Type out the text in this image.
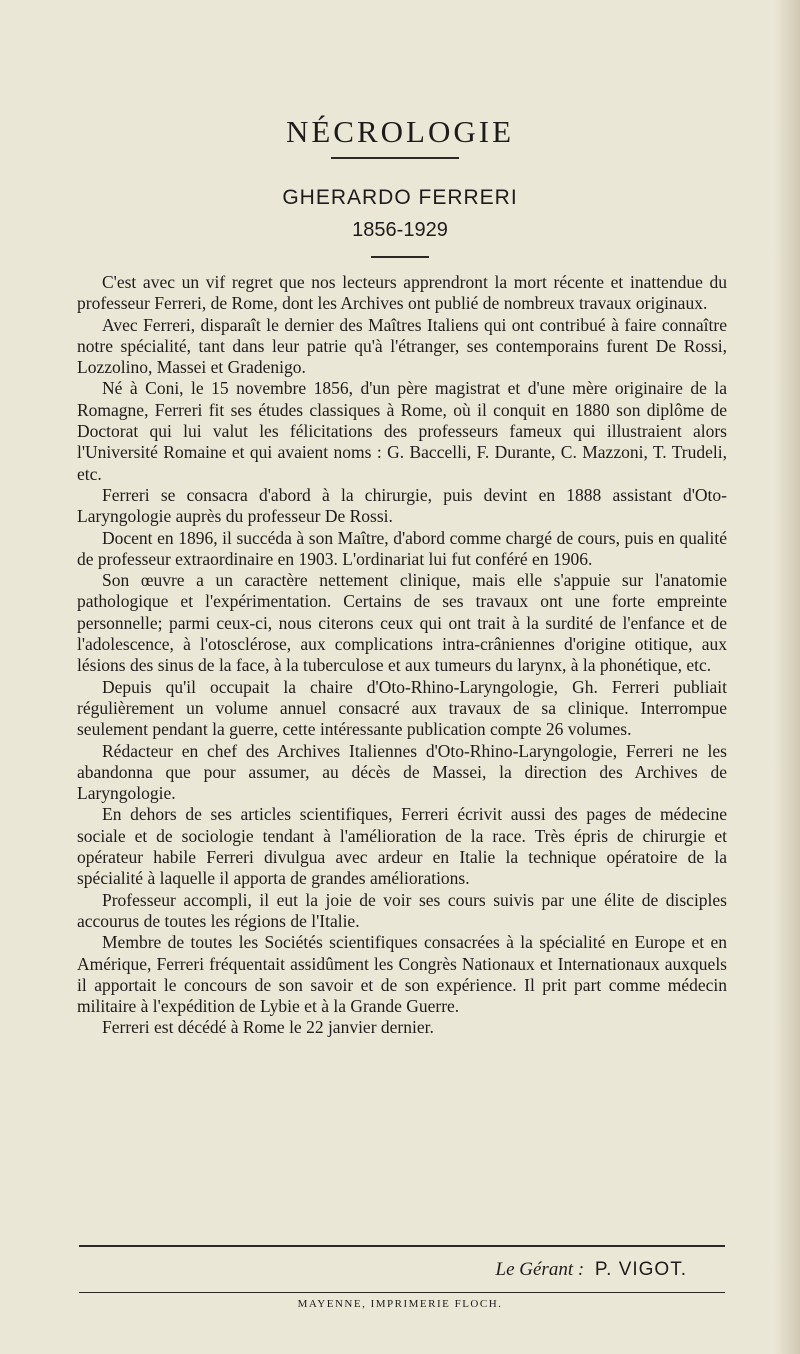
NÉCROLOGIE
GHERARDO FERRERI
1856-1929

C'est avec un vif regret que nos lecteurs apprendront la mort récente et inattendue du professeur Ferreri, de Rome, dont les Archives ont publié de nombreux travaux originaux.

Avec Ferreri, disparaît le dernier des Maîtres Italiens qui ont contribué à faire connaître notre spécialité, tant dans leur patrie qu'à l'étranger, ses contemporains furent De Rossi, Lozzolino, Massei et Gradenigo.

Né à Coni, le 15 novembre 1856, d'un père magistrat et d'une mère originaire de la Romagne, Ferreri fit ses études classiques à Rome, où il conquit en 1880 son diplôme de Doctorat qui lui valut les félicitations des professeurs fameux qui illustraient alors l'Université Romaine et qui avaient noms : G. Baccelli, F. Durante, C. Mazzoni, T. Trudeli, etc.

Ferreri se consacra d'abord à la chirurgie, puis devint en 1888 assistant d'Oto-Laryngologie auprès du professeur De Rossi.

Docent en 1896, il succéda à son Maître, d'abord comme chargé de cours, puis en qualité de professeur extraordinaire en 1903. L'ordinariat lui fut conféré en 1906.

Son œuvre a un caractère nettement clinique, mais elle s'appuie sur l'anatomie pathologique et l'expérimentation. Certains de ses travaux ont une forte empreinte personnelle; parmi ceux-ci, nous citerons ceux qui ont trait à la surdité de l'enfance et de l'adolescence, à l'otosclérose, aux complications intra-crâniennes d'origine otitique, aux lésions des sinus de la face, à la tuberculose et aux tumeurs du larynx, à la phonétique, etc.

Depuis qu'il occupait la chaire d'Oto-Rhino-Laryngologie, Gh. Ferreri publiait régulièrement un volume annuel consacré aux travaux de sa clinique. Interrompue seulement pendant la guerre, cette intéressante publication compte 26 volumes.

Rédacteur en chef des Archives Italiennes d'Oto-Rhino-Laryngologie, Ferreri ne les abandonna que pour assumer, au décès de Massei, la direction des Archives de Laryngologie.

En dehors de ses articles scientifiques, Ferreri écrivit aussi des pages de médecine sociale et de sociologie tendant à l'amélioration de la race. Très épris de chirurgie et opérateur habile Ferreri divulgua avec ardeur en Italie la technique opératoire de la spécialité à laquelle il apporta de grandes améliorations.

Professeur accompli, il eut la joie de voir ses cours suivis par une élite de disciples accourus de toutes les régions de l'Italie.

Membre de toutes les Sociétés scientifiques consacrées à la spécialité en Europe et en Amérique, Ferreri fréquentait assidûment les Congrès Nationaux et Internationaux auxquels il apportait le concours de son savoir et de son expérience. Il prit part comme médecin militaire à l'expédition de Lybie et à la Grande Guerre.

Ferreri est décédé à Rome le 22 janvier dernier.

Le Gérant : P. VIGOT.
MAYENNE, IMPRIMERIE FLOCH.
